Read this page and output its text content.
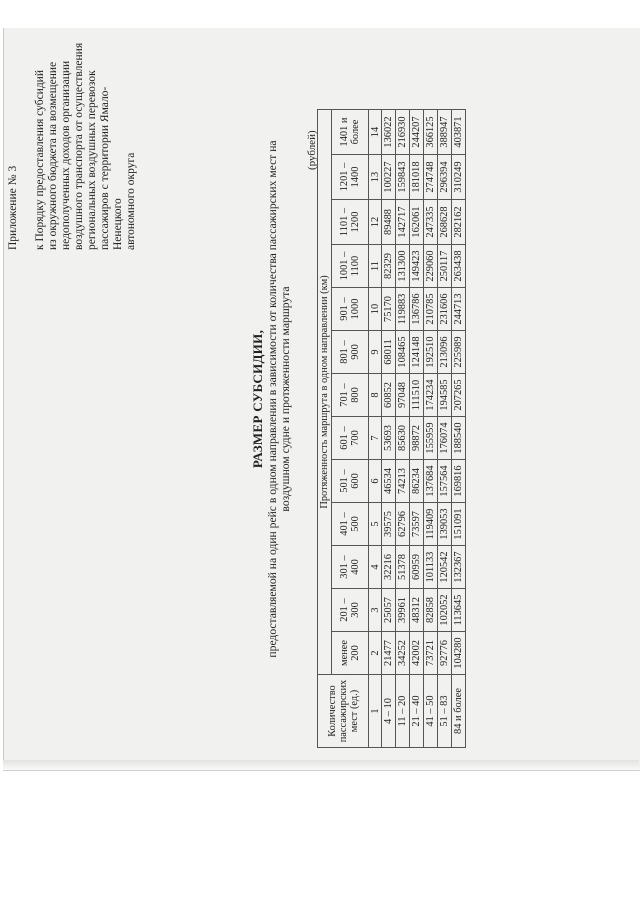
Приложение № 3 к Порядку предоставления субсидий из окружного бюджета на возмещение недополученных доходов организации воздушного транспорта от осуществления региональных воздушных перевозок пассажиров с территории Ямало-Ненецкого автономного округа
РАЗМЕР СУБСИДИИ, предоставляемой на один рейс в одном направлении в зависимости от количества пассажирских мест на воздушном судне и протяженности маршрута
(рублей)
Количество пассажирских мест (ед.)	Протяженность маршрута в одном направлении (км)												
	менее 200	201 – 300	301 – 400	401 – 500	501 – 600	601 – 700	701 – 800	801 – 900	901 – 1000	1001 – 1100	1101 – 1200	1201 – 1400	1401 и более
1	2	3	4	5	6	7	8	9	10	11	12	13	14
4 – 10	21477	25057	32216	39575	46534	53693	60852	68011	75170	82329	89488	100227	136022
11 – 20	34252	39961	51378	62796	74213	85630	97048	108465	119883	131300	142717	159843	216930
21 – 40	42002	48312	60959	73597	86234	98872	111510	124148	136786	149423	162061	181018	244207
41 – 50	73721	82858	101133	119409	137684	155959	174234	192510	210785	229060	247335	274748	366125
51 – 83	92776	102052	120542	139053	157564	176074	194585	213096	231606	250117	268628	296394	388947
84 и более	104280	113645	132367	151091	169816	188540	207265	225989	244713	263438	282162	310249	403871
